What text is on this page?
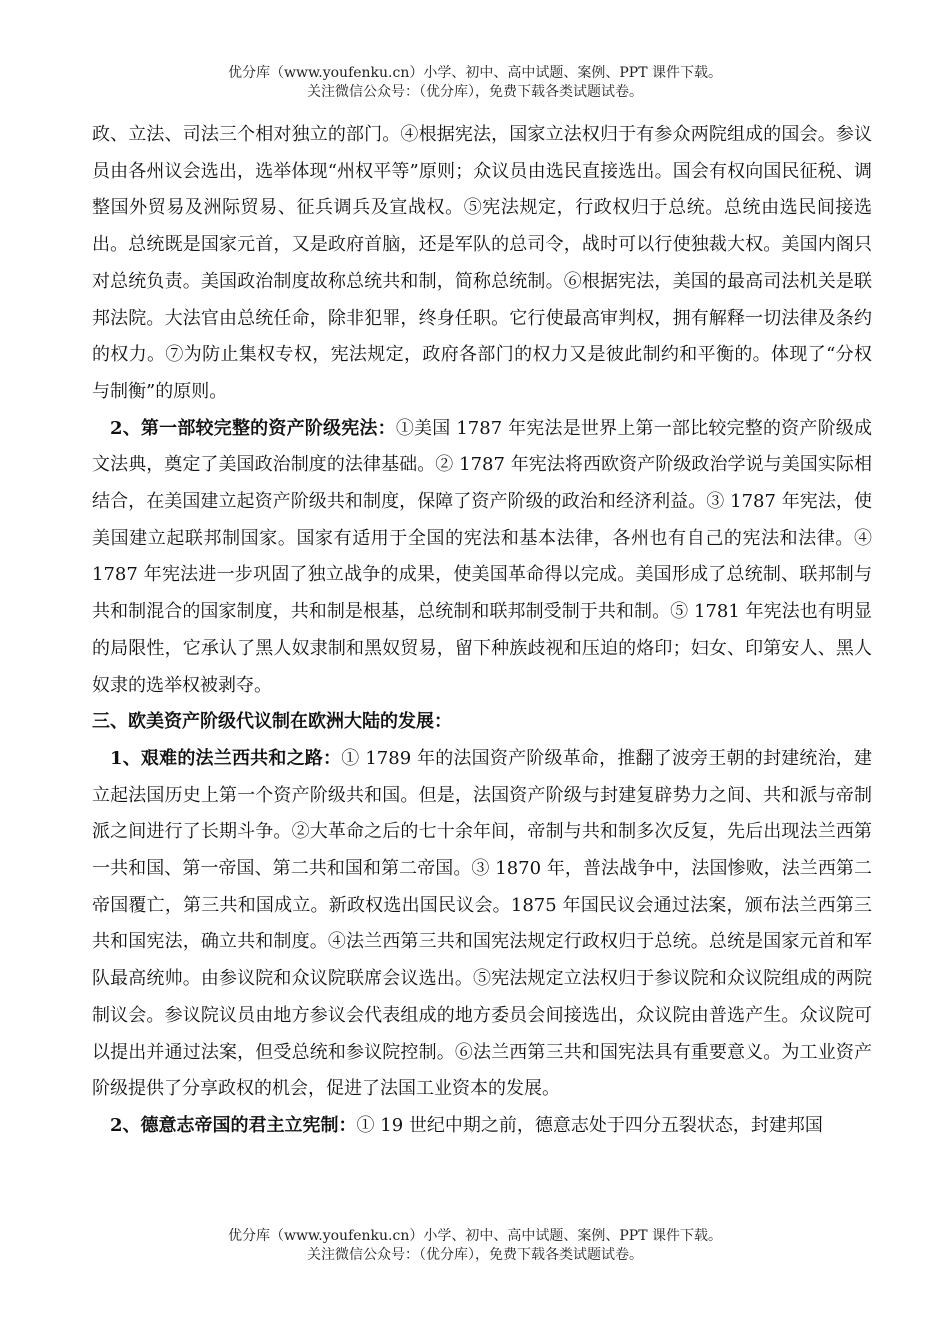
优分库（www.youfenku.cn）小学、初中、高中试题、案例、PPT 课件下载。
关注微信公众号：（优分库），免费下载各类试题试卷。

政、立法、司法三个相对独立的部门。④根据宪法，国家立法权归于有参众两院组成的国会。参议员由各州议会选出，选举体现“州权平等”原则；众议员由选民直接选出。国会有权向国民征税、调整国外贸易及洲际贸易、征兵调兵及宣战权。⑤宪法规定，行政权归于总统。总统由选民间接选出。总统既是国家元首，又是政府首脑，还是军队的总司令，战时可以行使独裁大权。美国内阁只对总统负责。美国政治制度故称总统共和制，简称总统制。⑥根据宪法，美国的最高司法机关是联邦法院。大法官由总统任命，除非犯罪，终身任职。它行使最高审判权，拥有解释一切法律及条约的权力。⑦为防止集权专权，宪法规定，政府各部门的权力又是彼此制约和平衡的。体现了“分权与制衡”的原则。

2、第一部较完整的资产阶级宪法：①美国 1787 年宪法是世界上第一部比较完整的资产阶级成文法典，奠定了美国政治制度的法律基础。② 1787 年宪法将西欧资产阶级政治学说与美国实际相结合，在美国建立起资产阶级共和制度，保障了资产阶级的政治和经济利益。③ 1787 年宪法，使美国建立起联邦制国家。国家有适用于全国的宪法和基本法律，各州也有自己的宪法和法律。④ 1787 年宪法进一步巩固了独立战争的成果，使美国革命得以完成。美国形成了总统制、联邦制与共和制混合的国家制度，共和制是根基，总统制和联邦制受制于共和制。⑤ 1781 年宪法也有明显的局限性，它承认了黑人奴隶制和黑奴贸易，留下种族歧视和压迫的烙印；妇女、印第安人、黑人奴隶的选举权被剥夺。

三、欧美资产阶级代议制在欧洲大陆的发展：

1、艰难的法兰西共和之路：① 1789 年的法国资产阶级革命，推翻了波旁王朝的封建统治，建立起法国历史上第一个资产阶级共和国。但是，法国资产阶级与封建复辟势力之间、共和派与帝制派之间进行了长期斗争。②大革命之后的七十余年间，帝制与共和制多次反复，先后出现法兰西第一共和国、第一帝国、第二共和国和第二帝国。③ 1870 年，普法战争中，法国惨败，法兰西第二帝国覆亡，第三共和国成立。新政权选出国民议会。1875 年国民议会通过法案，颁布法兰西第三共和国宪法，确立共和制度。④法兰西第三共和国宪法规定行政权归于总统。总统是国家元首和军队最高统帅。由参议院和众议院联席会议选出。⑤宪法规定立法权归于参议院和众议院组成的两院制议会。参议院议员由地方参议会代表组成的地方委员会间接选出，众议院由普选产生。众议院可以提出并通过法案，但受总统和参议院控制。⑥法兰西第三共和国宪法具有重要意义。为工业资产阶级提供了分享政权的机会，促进了法国工业资本的发展。

2、德意志帝国的君主立宪制：① 19 世纪中期之前，德意志处于四分五裂状态，封建邦国

优分库（www.youfenku.cn）小学、初中、高中试题、案例、PPT 课件下载。
关注微信公众号：（优分库），免费下载各类试题试卷。
